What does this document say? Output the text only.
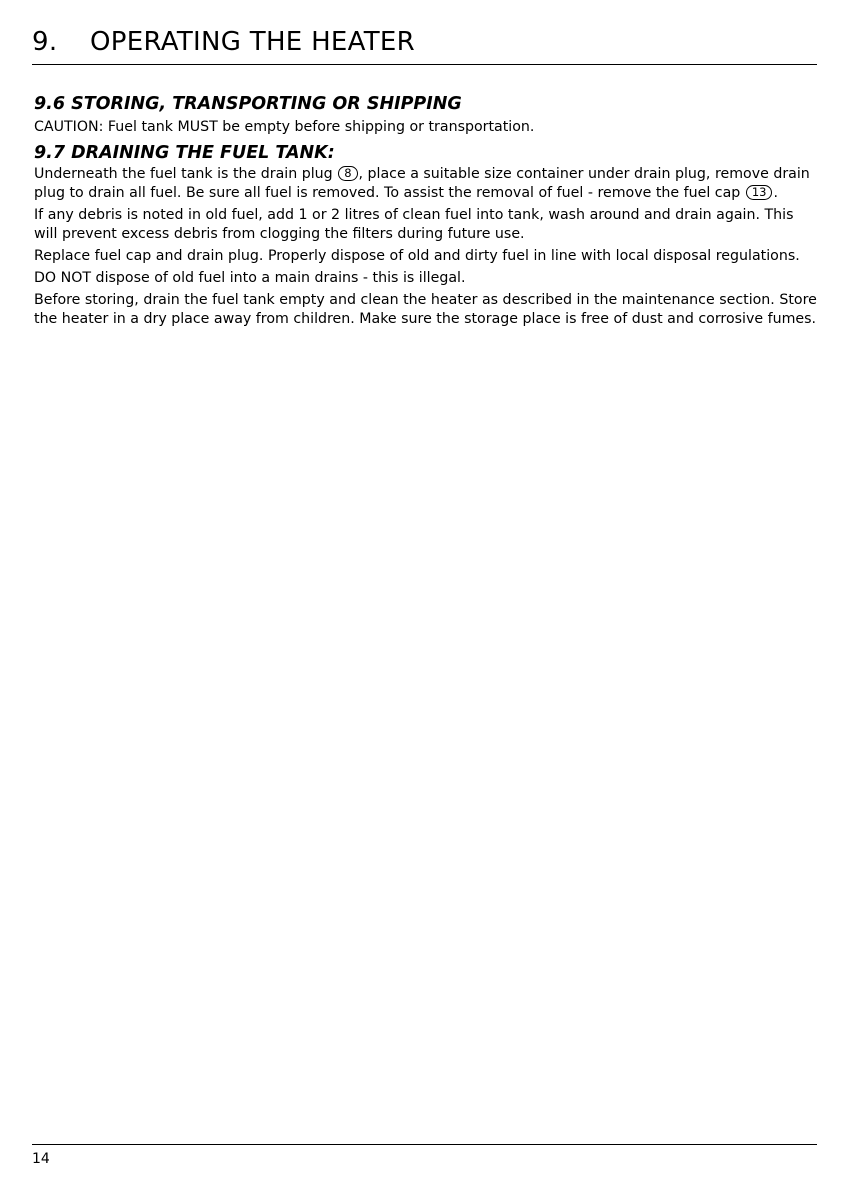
9. OPERATING THE HEATER
9.6 STORING, TRANSPORTING OR SHIPPING

CAUTION: Fuel tank MUST be empty before shipping or transportation.

9.7 DRAINING THE FUEL TANK:

Underneath the fuel tank is the drain plug 8 , place a suitable size container under drain plug, remove drain plug to drain all fuel. Be sure all fuel is removed. To assist the removal of fuel - remove the fuel cap 13 .

If any debris is noted in old fuel, add 1 or 2 litres of clean fuel into tank, wash around and drain again. This will prevent excess debris from clogging the filters during future use.

Replace fuel cap and drain plug. Properly dispose of old and dirty fuel in line with local disposal regulations.

DO NOT dispose of old fuel into a main drains - this is illegal.

Before storing, drain the fuel tank empty and clean the heater as described in the maintenance section. Store the heater in a dry place away from children. Make sure the storage place is free of dust and corrosive fumes.

14
